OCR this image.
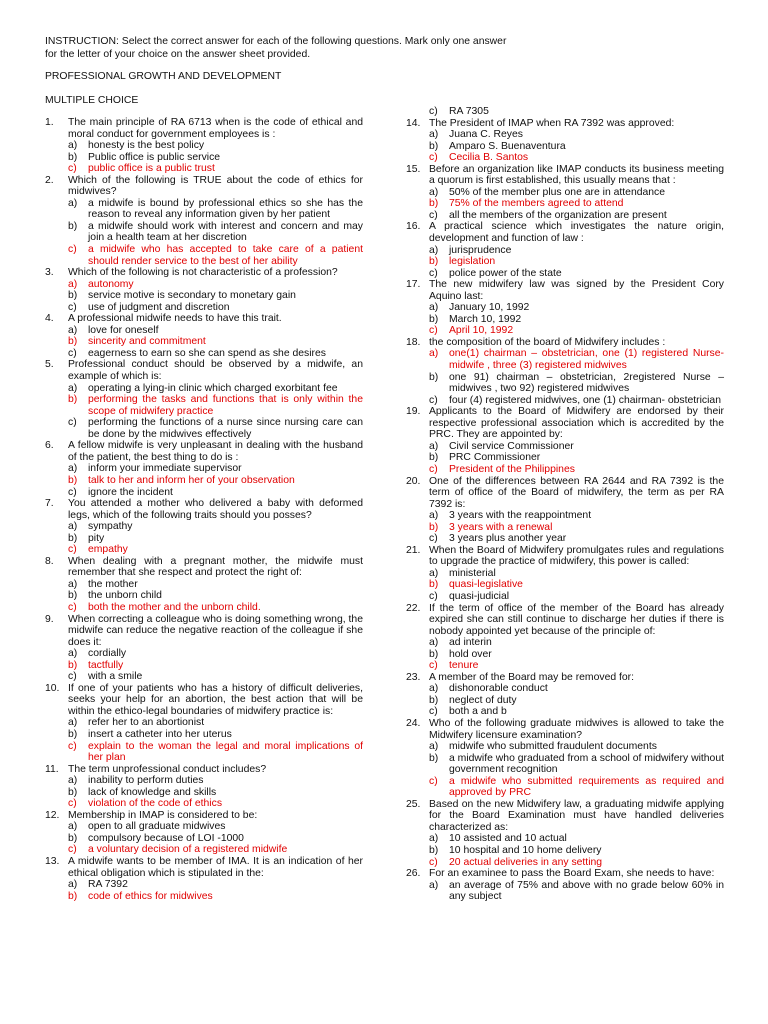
INSTRUCTION: Select the correct answer for each of the following questions. Mark only one answer

for the letter of your choice on the answer sheet provided.

PROFESSIONAL GROWTH AND DEVELOPMENT
MULTIPLE CHOICE
1.	The main principle of RA 6713 when is the code of ethical and moral conduct for government employees is :
a)	honesty is the best policy
b)	Public office is public service
c)	public office is a public trust
2.	Which of the following is TRUE about the code of ethics for midwives?
a)	a midwife is bound by professional ethics so she has the reason to reveal any information given by her patient
b)	a midwife should work with interest and concern and may join a health team at her discretion
c)	a midwife who has accepted to take care of a patient should render service to the best of her ability
3.	Which of the following is not characteristic of a profession?
a)	autonomy
b)	service motive is secondary to monetary gain
c)	use of judgment and discretion
4.	A professional midwife needs to have this trait.
a)	love for oneself
b)	sincerity and commitment
c)	eagerness to earn so she can spend as she desires
5.	Professional conduct should be observed by a midwife, an example of which is:
a)	operating a lying-in clinic which charged exorbitant fee
b)	performing the tasks and functions that is only within the scope of midwifery practice
c)	performing the functions of a nurse since nursing care can be done by the midwives effectively
6.	A fellow midwife is very unpleasant in dealing with the husband of the patient, the best thing to do is :
a)	inform your immediate supervisor
b)	talk to her and inform her of your observation
c)	ignore the incident
7.	You attended a mother who delivered a baby with deformed legs, which of the following traits should you posses?
a)	sympathy
b)	pity
c)	empathy
8.	When dealing with a pregnant mother, the midwife must remember that she respect and protect the right of:
a)	the mother
b)	the unborn child
c)	both the mother and the unborn child.
9.	When correcting a colleague who is doing something wrong, the midwife can reduce the negative reaction of the colleague if she does it:
a)	cordially
b)	tactfully
c)	with a smile
10. If one of your patients who has a history of difficult deliveries, seeks your help for an abortion, the best action that will be within the ethico-legal boundaries of midwifery practice is:
a)	refer her to an abortionist
b)	insert a catheter into her uterus
c)	explain to the woman the legal and moral implications of her plan
11. The term unprofessional conduct includes?
a)	inability to perform duties
b)	lack of knowledge and skills
c)	violation of the code of ethics
12. Membership in IMAP is considered to be:
a)	open to all graduate midwives
b)	compulsory because of LOI -1000
c)	a voluntary decision of a registered midwife
13. A midwife wants to be member of IMA. It is an indication of her ethical obligation which is stipulated in the:
a)	RA 7392
b)	code of ethics for midwives
c)	RA 7305
14. The President of IMAP when RA 7392 was approved:
a)	Juana C. Reyes
b)	Amparo S. Buenaventura
c)	Cecilia B. Santos
15. Before an organization like IMAP conducts its business meeting a quorum is first established, this usually means that :
a)	50% of the member plus one are in attendance
b)	75% of the members agreed to attend
c)	all the members of the organization are present
16. A practical science which investigates the nature origin, development and function of law :
a)	jurisprudence
b)	legislation
c)	police power of the state
17. The new midwifery law was signed by the President Cory Aquino last:
a)	January 10, 1992
b)	March 10, 1992
c)	April 10, 1992
18. the composition of the board of Midwifery includes :
a)	one(1) chairman – obstetrician, one (1) registered Nurse-midwife , three (3) registered midwives
b)	one 91) chairman – obstetrician, 2registered Nurse – midwives , two 92) registered midwives
c)	four (4) registered midwives, one (1) chairman- obstetrician
19. Applicants to the Board of Midwifery are endorsed by their respective professional association which is accredited by the PRC. They are appointed by:
a)	Civil service Commissioner
b)	PRC Commissioner
c)	President of the Philippines
20. One of the differences between RA 2644 and RA 7392 is the term of office of the Board of midwifery, the term as per RA 7392 is:
a)	3 years with the reappointment
b)	3 years with a renewal
c)	3 years plus another year
21. When the Board of Midwifery promulgates rules and regulations to upgrade the practice of midwifery, this power is called:
a)	ministerial
b)	quasi-legislative
c)	quasi-judicial
22. If the term of office of the member of the Board has already expired she can still continue to discharge her duties if there is nobody appointed yet because of the principle of:
a)	ad interin
b)	hold over
c)	tenure
23. A member of the Board may be removed for:
a)	dishonorable conduct
b)	neglect of duty
c)	both a and b
24. Who of the following graduate midwives is allowed to take the Midwifery licensure examination?
a)	midwife who submitted fraudulent documents
b)	a midwife who graduated from a school of midwifery without government recognition
c)	a midwife who submitted requirements as required and approved by PRC
25. Based on the new Midwifery law, a graduating midwife applying for the Board Examination must have handled deliveries characterized as:
a)	10 assisted and 10 actual
b)	10 hospital and 10 home delivery
c)	20 actual deliveries in any setting
26. For an examinee to pass the Board Exam, she needs to have:
a)	an average of 75% and above with no grade below 60% in any subject
